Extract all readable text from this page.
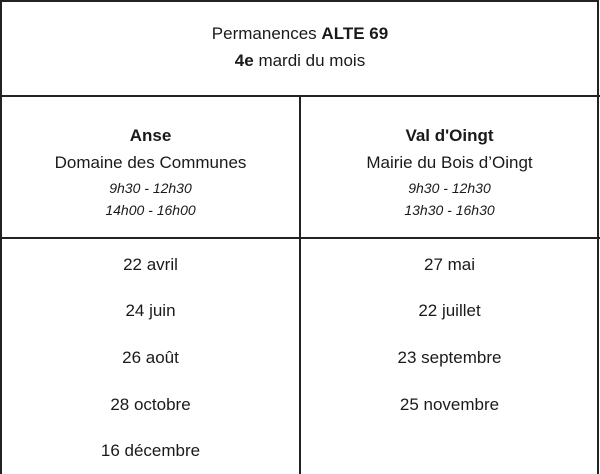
Permanences ALTE 69
4e mardi du mois
Anse
Domaine des Communes
9h30 - 12h30
14h00 - 16h00
22 avril
24 juin
26 août
28 octobre
16 décembre
Val d'Oingt
Mairie du Bois d’Oingt
9h30 - 12h30
13h30 - 16h30
27 mai
22 juillet
23 septembre
25 novembre
